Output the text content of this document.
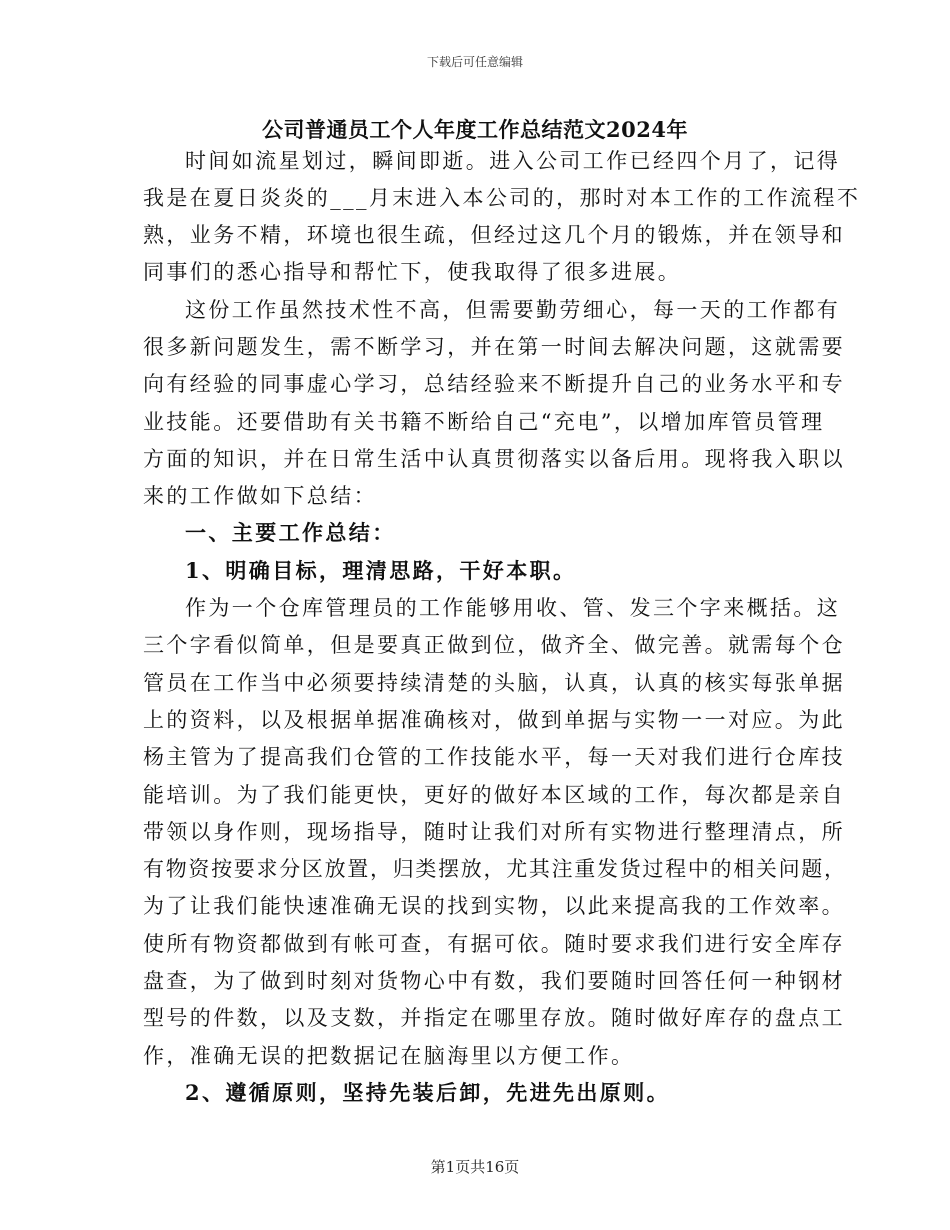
下载后可任意编辑
公司普通员工个人年度工作总结范文2024年
时间如流星划过，瞬间即逝。进入公司工作已经四个月了，记得
我是在夏日炎炎的___月末进入本公司的，那时对本工作的工作流程不
熟，业务不精，环境也很生疏，但经过这几个月的锻炼，并在领导和
同事们的悉心指导和帮忙下，使我取得了很多进展。
这份工作虽然技术性不高，但需要勤劳细心，每一天的工作都有
很多新问题发生，需不断学习，并在第一时间去解决问题，这就需要
向有经验的同事虚心学习，总结经验来不断提升自己的业务水平和专
业技能。还要借助有关书籍不断给自己“充电”，以增加库管员管理
方面的知识，并在日常生活中认真贯彻落实以备后用。现将我入职以
来的工作做如下总结：
一、主要工作总结：
1、明确目标，理清思路，干好本职。
作为一个仓库管理员的工作能够用收、管、发三个字来概括。这
三个字看似简单，但是要真正做到位，做齐全、做完善。就需每个仓
管员在工作当中必须要持续清楚的头脑，认真，认真的核实每张单据
上的资料，以及根据单据准确核对，做到单据与实物一一对应。为此
杨主管为了提高我们仓管的工作技能水平，每一天对我们进行仓库技
能培训。为了我们能更快，更好的做好本区域的工作，每次都是亲自
带领以身作则，现场指导，随时让我们对所有实物进行整理清点，所
有物资按要求分区放置，归类摆放，尤其注重发货过程中的相关问题，
为了让我们能快速准确无误的找到实物，以此来提高我的工作效率。
使所有物资都做到有帐可查，有据可依。随时要求我们进行安全库存
盘查，为了做到时刻对货物心中有数，我们要随时回答任何一种钢材
型号的件数，以及支数，并指定在哪里存放。随时做好库存的盘点工
作，准确无误的把数据记在脑海里以方便工作。
2、遵循原则，坚持先装后卸，先进先出原则。
第1页共16页
